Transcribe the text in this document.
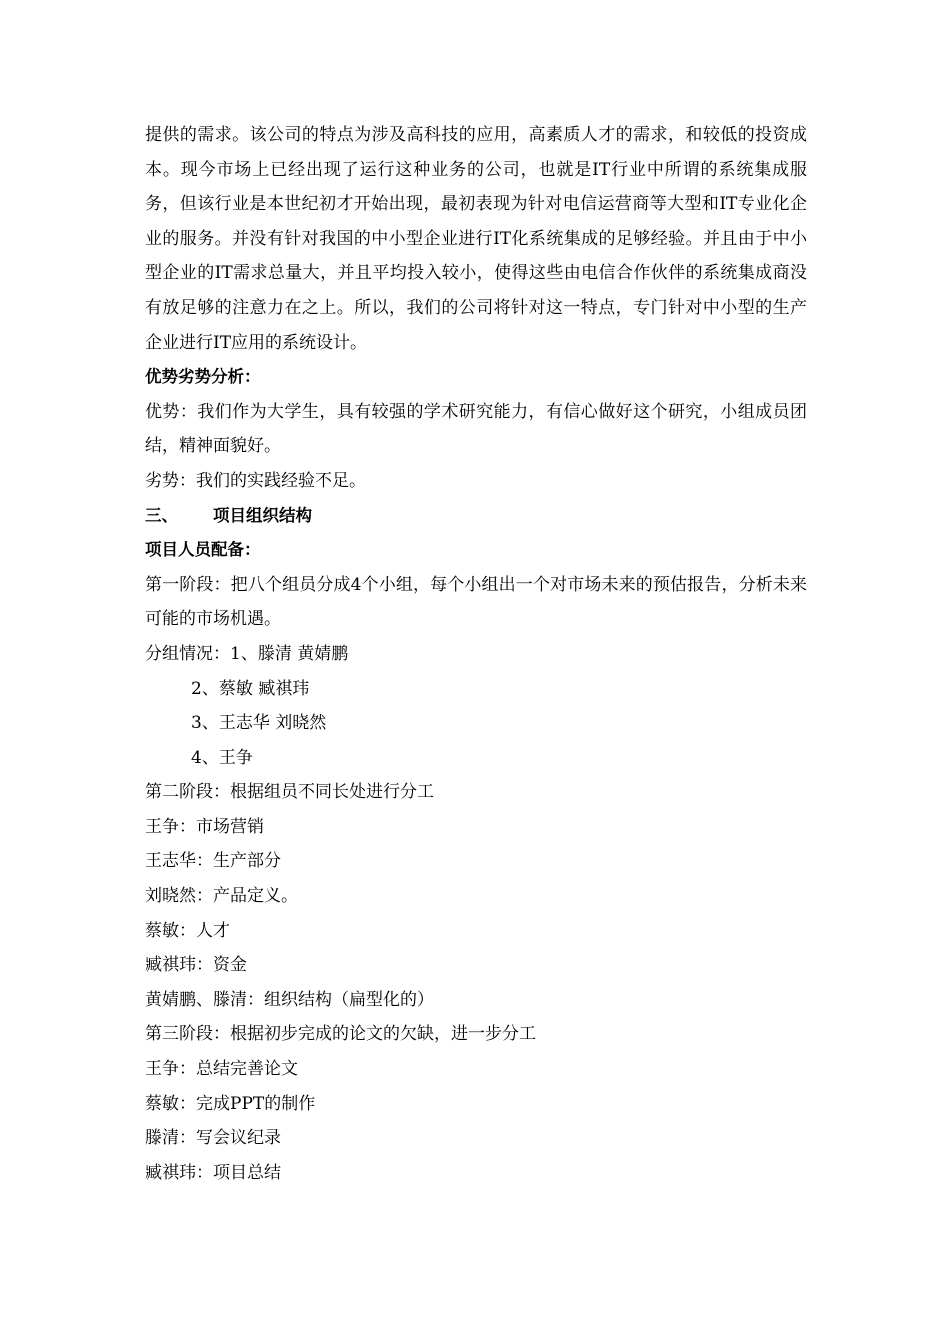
提供的需求。该公司的特点为涉及高科技的应用，高素质人才的需求，和较低的投资成本。现今市场上已经出现了运行这种业务的公司，也就是IT行业中所谓的系统集成服务，但该行业是本世纪初才开始出现，最初表现为针对电信运营商等大型和IT专业化企业的服务。并没有针对我国的中小型企业进行IT化系统集成的足够经验。并且由于中小型企业的IT需求总量大，并且平均投入较小，使得这些由电信合作伙伴的系统集成商没有放足够的注意力在之上。所以，我们的公司将针对这一特点，专门针对中小型的生产企业进行IT应用的系统设计。

优势劣势分析：

优势：我们作为大学生，具有较强的学术研究能力，有信心做好这个研究，小组成员团结，精神面貌好。

劣势：我们的实践经验不足。

三、 项目组织结构

项目人员配备：

第一阶段：把八个组员分成4个小组，每个小组出一个对市场未来的预估报告，分析未来可能的市场机遇。

分组情况：1、滕清 黄婧鹏

2、蔡敏 臧祺玮

3、王志华 刘晓然

4、王争

第二阶段：根据组员不同长处进行分工

王争：市场营销

王志华：生产部分

刘晓然：产品定义。

蔡敏：人才

臧祺玮：资金

黄婧鹏、滕清：组织结构（扁型化的）

第三阶段：根据初步完成的论文的欠缺，进一步分工

王争：总结完善论文

蔡敏：完成PPT的制作

滕清：写会议纪录

臧祺玮：项目总结
